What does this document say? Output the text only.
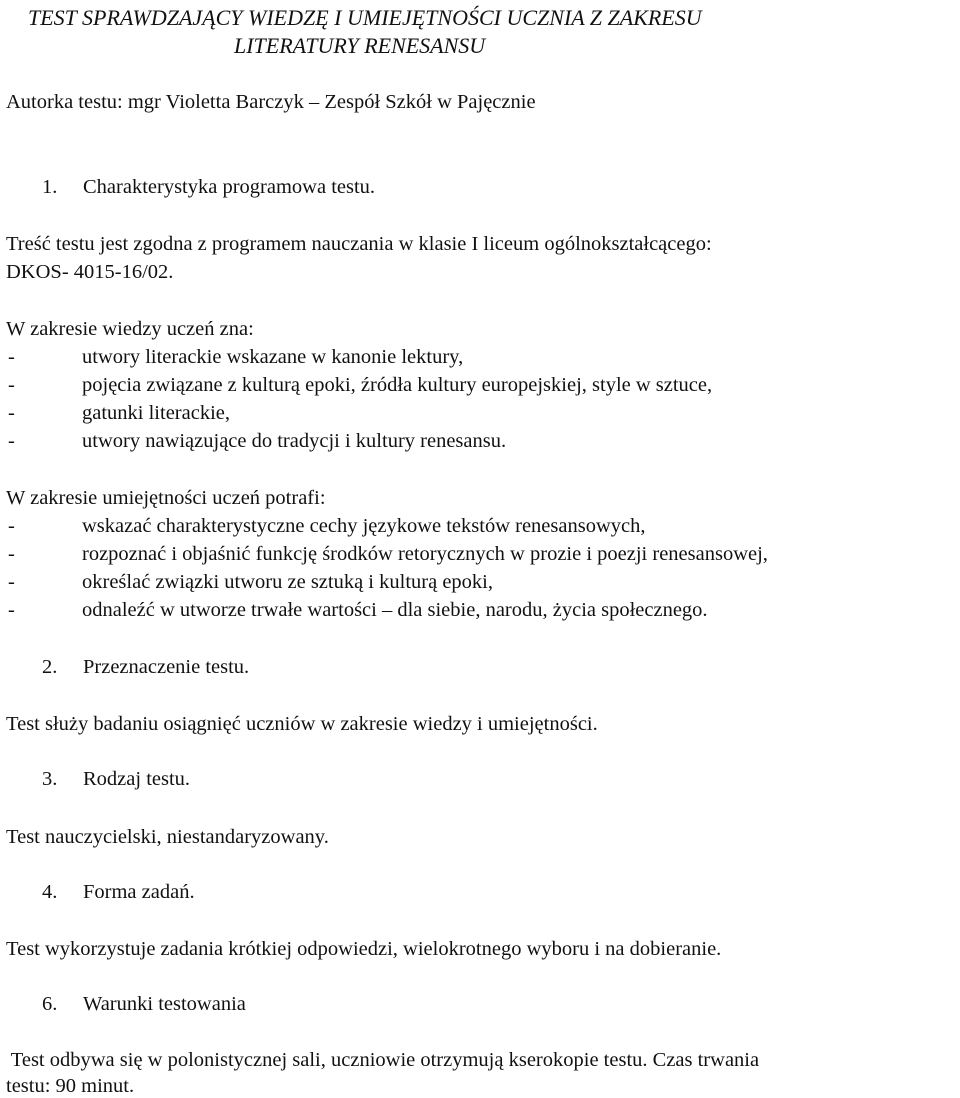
TEST SPRAWDZAJĄCY WIEDZĘ I UMIEJĘTNOŚCI UCZNIA Z ZAKRESU
LITERATURY RENESANSU
Autorka testu: mgr Violetta Barczyk – Zespół Szkół w Pajęcznie
1. Charakterystyka programowa testu.
Treść testu jest zgodna z programem nauczania w klasie I liceum ogólnokształcącego:
DKOS- 4015-16/02.
W zakresie wiedzy uczeń zna:
-	utwory literackie wskazane w kanonie lektury,
-	pojęcia związane z kulturą epoki, źródła kultury europejskiej, style w sztuce,
-	gatunki literackie,
-	utwory nawiązujące do tradycji i kultury renesansu.
W zakresie umiejętności uczeń potrafi:
-	wskazać charakterystyczne cechy językowe tekstów renesansowych,
-	rozpoznać i objaśnić funkcję środków retorycznych w prozie i poezji renesansowej,
-	określać związki utworu ze sztuką i kulturą epoki,
-	odnaleźć w utworze trwałe wartości – dla siebie, narodu, życia społecznego.
2. Przeznaczenie testu.
Test służy badaniu osiągnięć uczniów w zakresie wiedzy i umiejętności.
3. Rodzaj testu.
Test nauczycielski, niestandaryzowany.
4. Forma zadań.
Test wykorzystuje zadania krótkiej odpowiedzi, wielokrotnego wyboru i na dobieranie.
6. Warunki testowania
Test odbywa się w polonistycznej sali, uczniowie otrzymują kserokopie testu. Czas trwania
testu: 90 minut.
